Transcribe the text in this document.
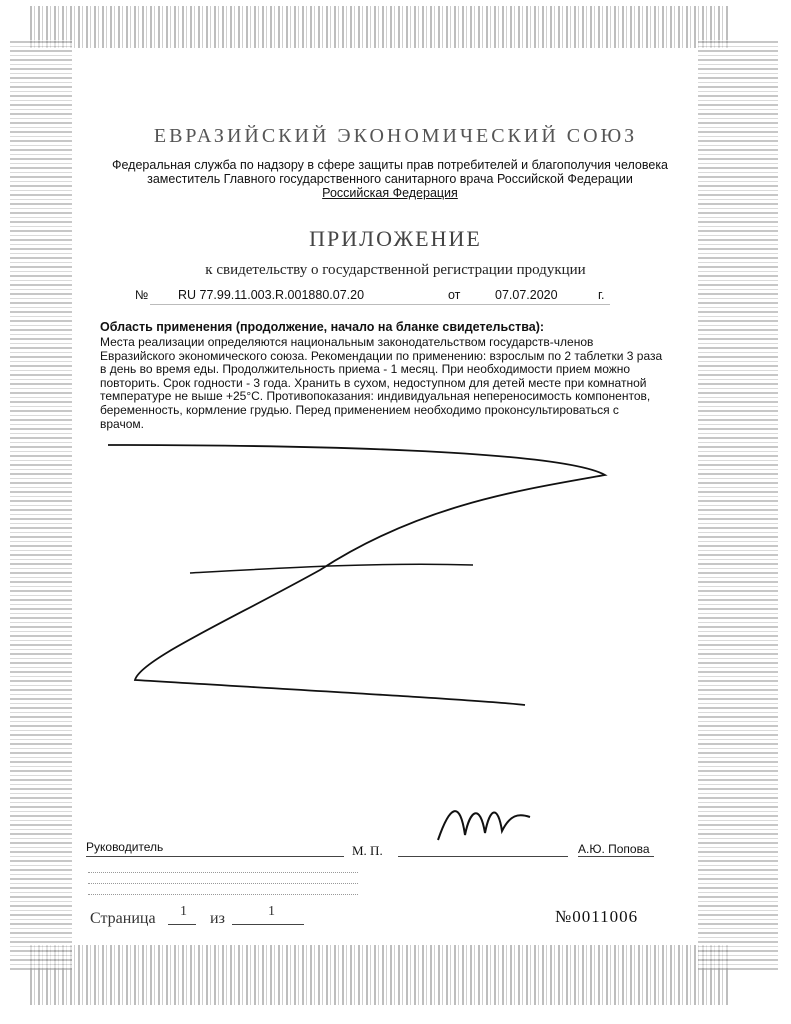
ЕВРАЗИЙСКИЙ ЭКОНОМИЧЕСКИЙ СОЮЗ
Федеральная служба по надзору в сфере защиты прав потребителей и благополучия человека
заместитель Главного государственного санитарного врача Российской Федерации
Российская Федерация
ПРИЛОЖЕНИЕ
к свидетельству о государственной регистрации продукции
№ RU 77.99.11.003.R.001880.07.20	от	07.07.2020	г.
Область применения (продолжение, начало на бланке свидетельства):
Места реализации определяются национальным законодательством государств-членов Евразийского экономического союза. Рекомендации по применению: взрослым по 2 таблетки 3 раза в день во время еды. Продолжительность приема - 1 месяц. При необходимости прием можно повторить. Срок годности - 3 года. Хранить в сухом, недоступном для детей месте при комнатной температуре не выше +25°C. Противопоказания: индивидуальная непереносимость компонентов, беременность, кормление грудью. Перед применением необходимо проконсультироваться с врачом.
Руководитель	М. П.	А.Ю. Попова
Страница 1 из	1	№0011006
